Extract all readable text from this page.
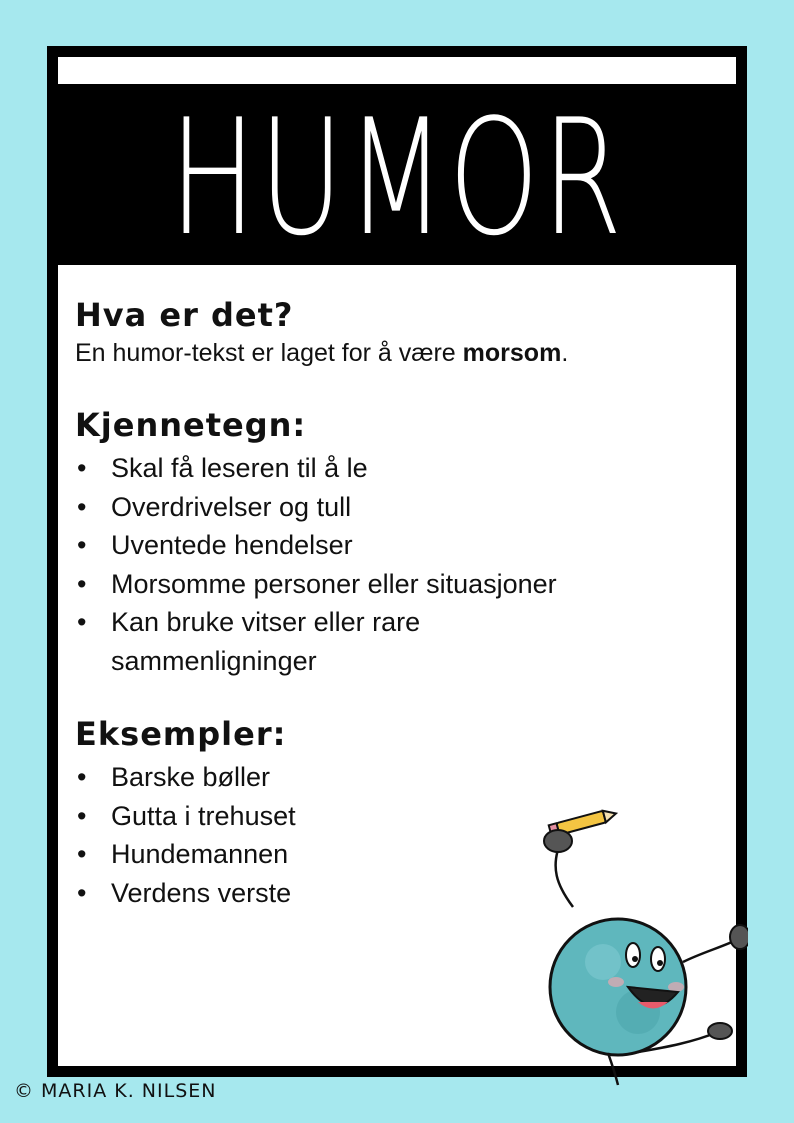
HUMOR
Hva er det?

En humor-tekst er laget for å være morsom.

Kjennetegn:
• Skal få leseren til å le
• Overdrivelser og tull
• Uventede hendelser
• Morsomme personer eller situasjoner
• Kan bruke vitser eller rare sammenligninger
Eksempler:
• Barske bøller
• Gutta i trehuset
• Hundemannen
• Verdens verste
© MARIA K. NILSEN
